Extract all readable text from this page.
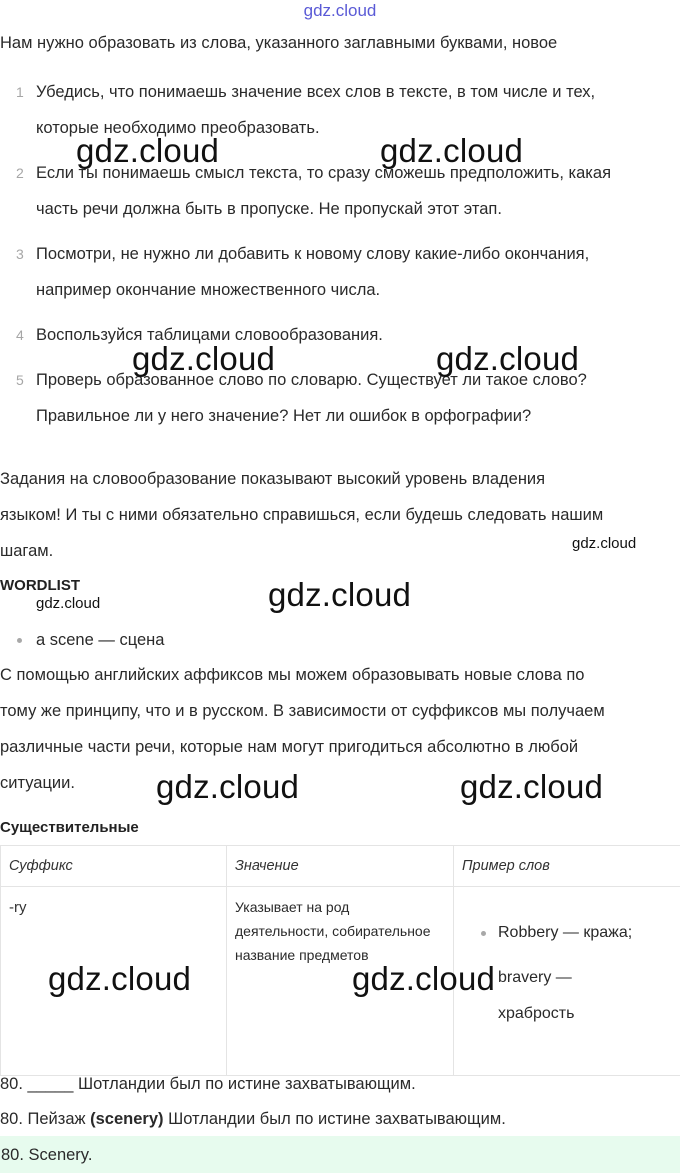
gdz.cloud
Нам нужно образовать из слова, указанного заглавными буквами, новое
1 Убедись, что понимаешь значение всех слов в тексте, в том числе и тех,
которые необходимо преобразовать.
2 Если ты понимаешь смысл текста, то сразу сможешь предположить, какая
часть речи должна быть в пропуске. Не пропускай этот этап.
3 Посмотри, не нужно ли добавить к новому слову какие-либо окончания,
например окончание множественного числа.
4 Воспользуйся таблицами словообразования.
5 Проверь образованное слово по словарю. Существует ли такое слово?
Правильное ли у него значение? Нет ли ошибок в орфографии?
Задания на словообразование показывают высокий уровень владения
языком! И ты с ними обязательно справишься, если будешь следовать нашим
шагам.
WORDLIST
a scene — сцена
С помощью английских аффиксов мы можем образовывать новые слова по
тому же принципу, что и в русском. В зависимости от суффиксов мы получаем
различные части речи, которые нам могут пригодиться абсолютно в любой
ситуации.
Существительные
Суффикс	Значение	Пример слов
-ry	Указывает на род деятельности, собирательное название предметов	Robbery — кража;
bravery —
храбрость
80. _____ Шотландии был по истине захватывающим.
80. Пейзаж (scenery) Шотландии был по истине захватывающим.
80. Scenery.
gdz.cloud	gdz.cloud
gdz.cloud	gdz.cloud
gdz.cloud
gdz.cloud	gdz.cloud
gdz.cloud	gdz.cloud
gdz.cloud	gdz.cloud
